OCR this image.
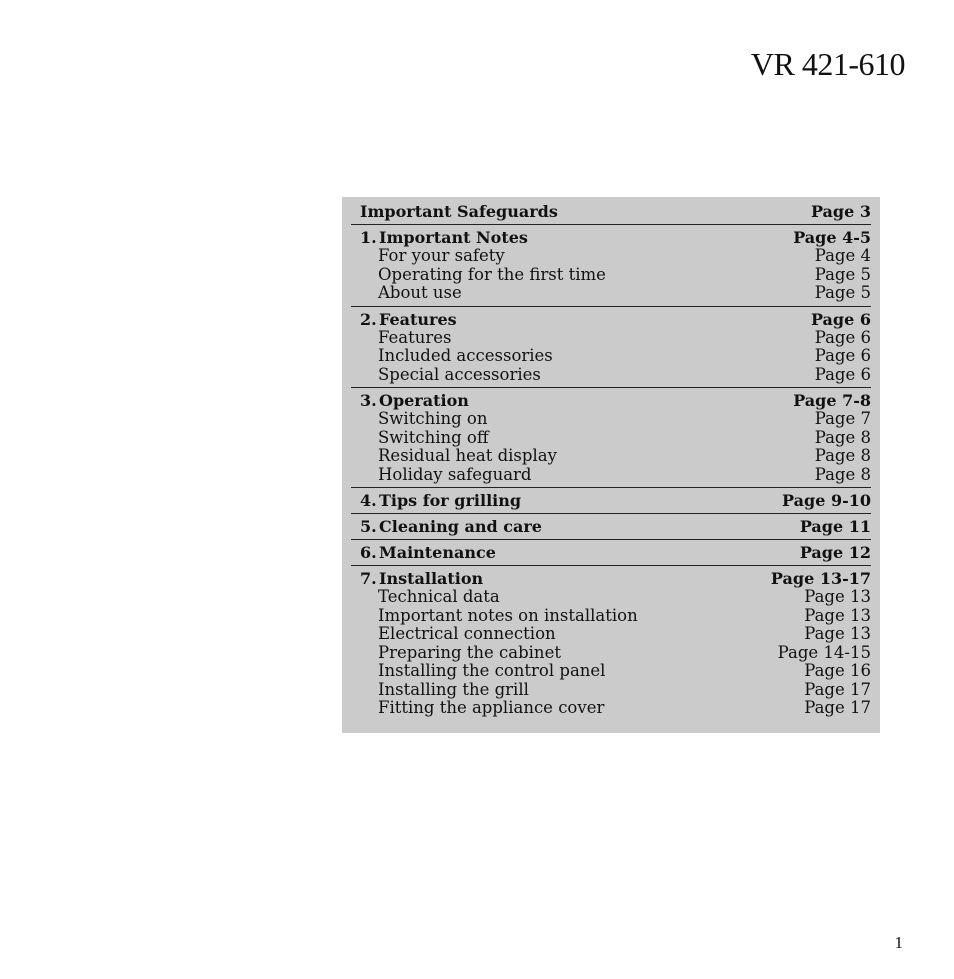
VR 421-610
Important Safeguards	Page 3
1. Important Notes	Page 4-5
For your safety	Page 4
Operating for the first time	Page 5
About use	Page 5
2. Features	Page 6
Features	Page 6
Included accessories	Page 6
Special accessories	Page 6
3. Operation	Page 7-8
Switching on	Page 7
Switching off	Page 8
Residual heat display	Page 8
Holiday safeguard	Page 8
4. Tips for grilling	Page 9-10
5. Cleaning and care	Page 11
6. Maintenance	Page 12
7. Installation	Page 13-17
Technical data	Page 13
Important notes on installation	Page 13
Electrical connection	Page 13
Preparing the cabinet	Page 14-15
Installing the control panel	Page 16
Installing the grill	Page 17
Fitting the appliance cover	Page 17
1
